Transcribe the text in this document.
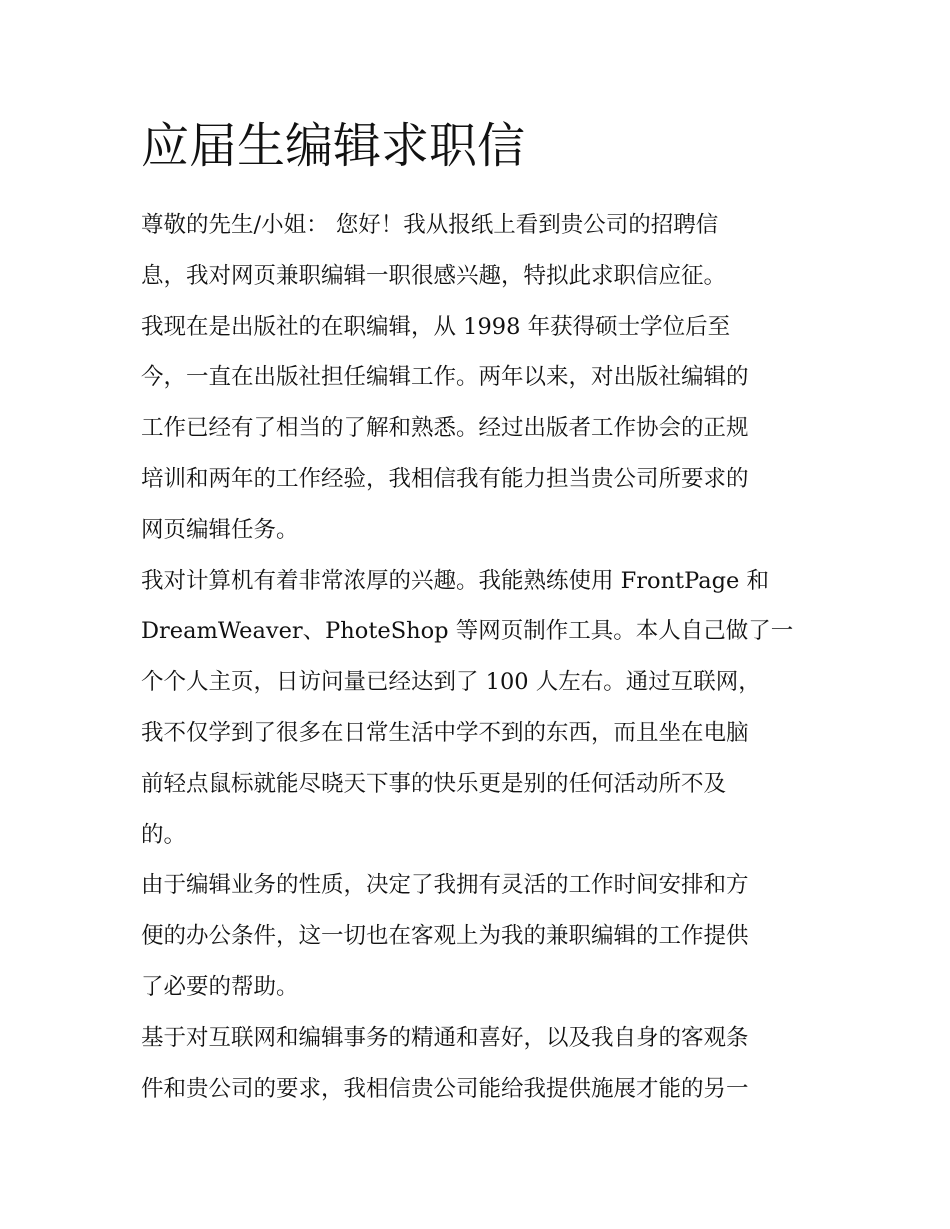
应届生编辑求职信

尊敬的先生/小姐： 您好！我从报纸上看到贵公司的招聘信
息，我对网页兼职编辑一职很感兴趣，特拟此求职信应征。

我现在是出版社的在职编辑，从 1998 年获得硕士学位后至
今，一直在出版社担任编辑工作。两年以来，对出版社编辑的
工作已经有了相当的了解和熟悉。经过出版者工作协会的正规
培训和两年的工作经验，我相信我有能力担当贵公司所要求的
网页编辑任务。

我对计算机有着非常浓厚的兴趣。我能熟练使用 FrontPage 和
DreamWeaver、PhoteShop 等网页制作工具。本人自己做了一
个个人主页，日访问量已经达到了 100 人左右。通过互联网，
我不仅学到了很多在日常生活中学不到的东西，而且坐在电脑
前轻点鼠标就能尽晓天下事的快乐更是别的任何活动所不及
的。

由于编辑业务的性质，决定了我拥有灵活的工作时间安排和方
便的办公条件，这一切也在客观上为我的兼职编辑的工作提供
了必要的帮助。

基于对互联网和编辑事务的精通和喜好，以及我自身的客观条
件和贵公司的要求，我相信贵公司能给我提供施展才能的另一
